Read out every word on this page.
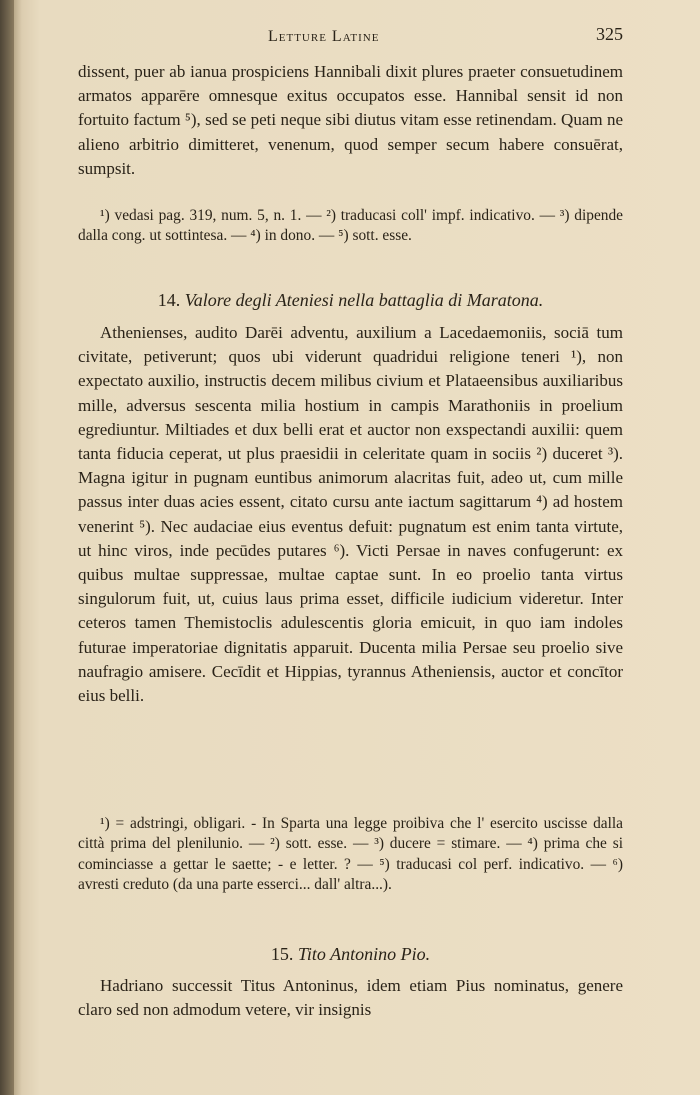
Letture Latine	325

dissent, puer ab ianua prospiciens Hannibali dixit plures praeter consuetudinem armatos apparēre omnesque exitus occupatos esse. Hannibal sensit id non fortuito factum ⁵), sed se peti neque sibi diutus vitam esse retinendam. Quam ne alieno arbitrio dimitteret, venenum, quod semper secum habere consuērat, sumpsit.

¹) vedasi pag. 319, num. 5, n. 1. — ²) traducasi coll' impf. indicativo. — ³) dipende dalla cong. ut sottintesa. — ⁴) in dono. — ⁵) sott. esse.

14. Valore degli Ateniesi nella battaglia di Maratona.

Athenienses, audito Darēi adventu, auxilium a Lacedaemoniis, sociā tum civitate, petiverunt; quos ubi viderunt quadridui religione teneri ¹), non expectato auxilio, instructis decem milibus civium et Plataeensibus auxiliaribus mille, adversus sescenta milia hostium in campis Marathoniis in proelium egrediuntur. Miltiades et dux belli erat et auctor non exspectandi auxilii: quem tanta fiducia ceperat, ut plus praesidii in celeritate quam in sociis ²) duceret ³). Magna igitur in pugnam euntibus animorum alacritas fuit, adeo ut, cum mille passus inter duas acies essent, citato cursu ante iactum sagittarum ⁴) ad hostem venerint ⁵). Nec audaciae eius eventus defuit: pugnatum est enim tanta virtute, ut hinc viros, inde pecūdes putares ⁶). Victi Persae in naves confugerunt: ex quibus multae suppressae, multae captae sunt. In eo proelio tanta virtus singulorum fuit, ut, cuius laus prima esset, difficile iudicium videretur. Inter ceteros tamen Themistoclis adulescentis gloria emicuit, in quo iam indoles futurae imperatoriae dignitatis apparuit. Ducenta milia Persae seu proelio sive naufragio amisere. Cecīdit et Hippias, tyrannus Atheniensis, auctor et concītor eius belli.

¹) = adstringi, obligari. - In Sparta una legge proibiva che l' esercito uscisse dalla città prima del plenilunio. — ²) sott. esse. — ³) ducere = stimare. — ⁴) prima che si cominciasse a gettar le saette; - e letter. ? — ⁵) traducasi col perf. indicativo. — ⁶) avresti creduto (da una parte esserci... dall' altra...).

15. Tito Antonino Pio.

Hadriano successit Titus Antoninus, idem etiam Pius nominatus, genere claro sed non admodum vetere, vir insignis
